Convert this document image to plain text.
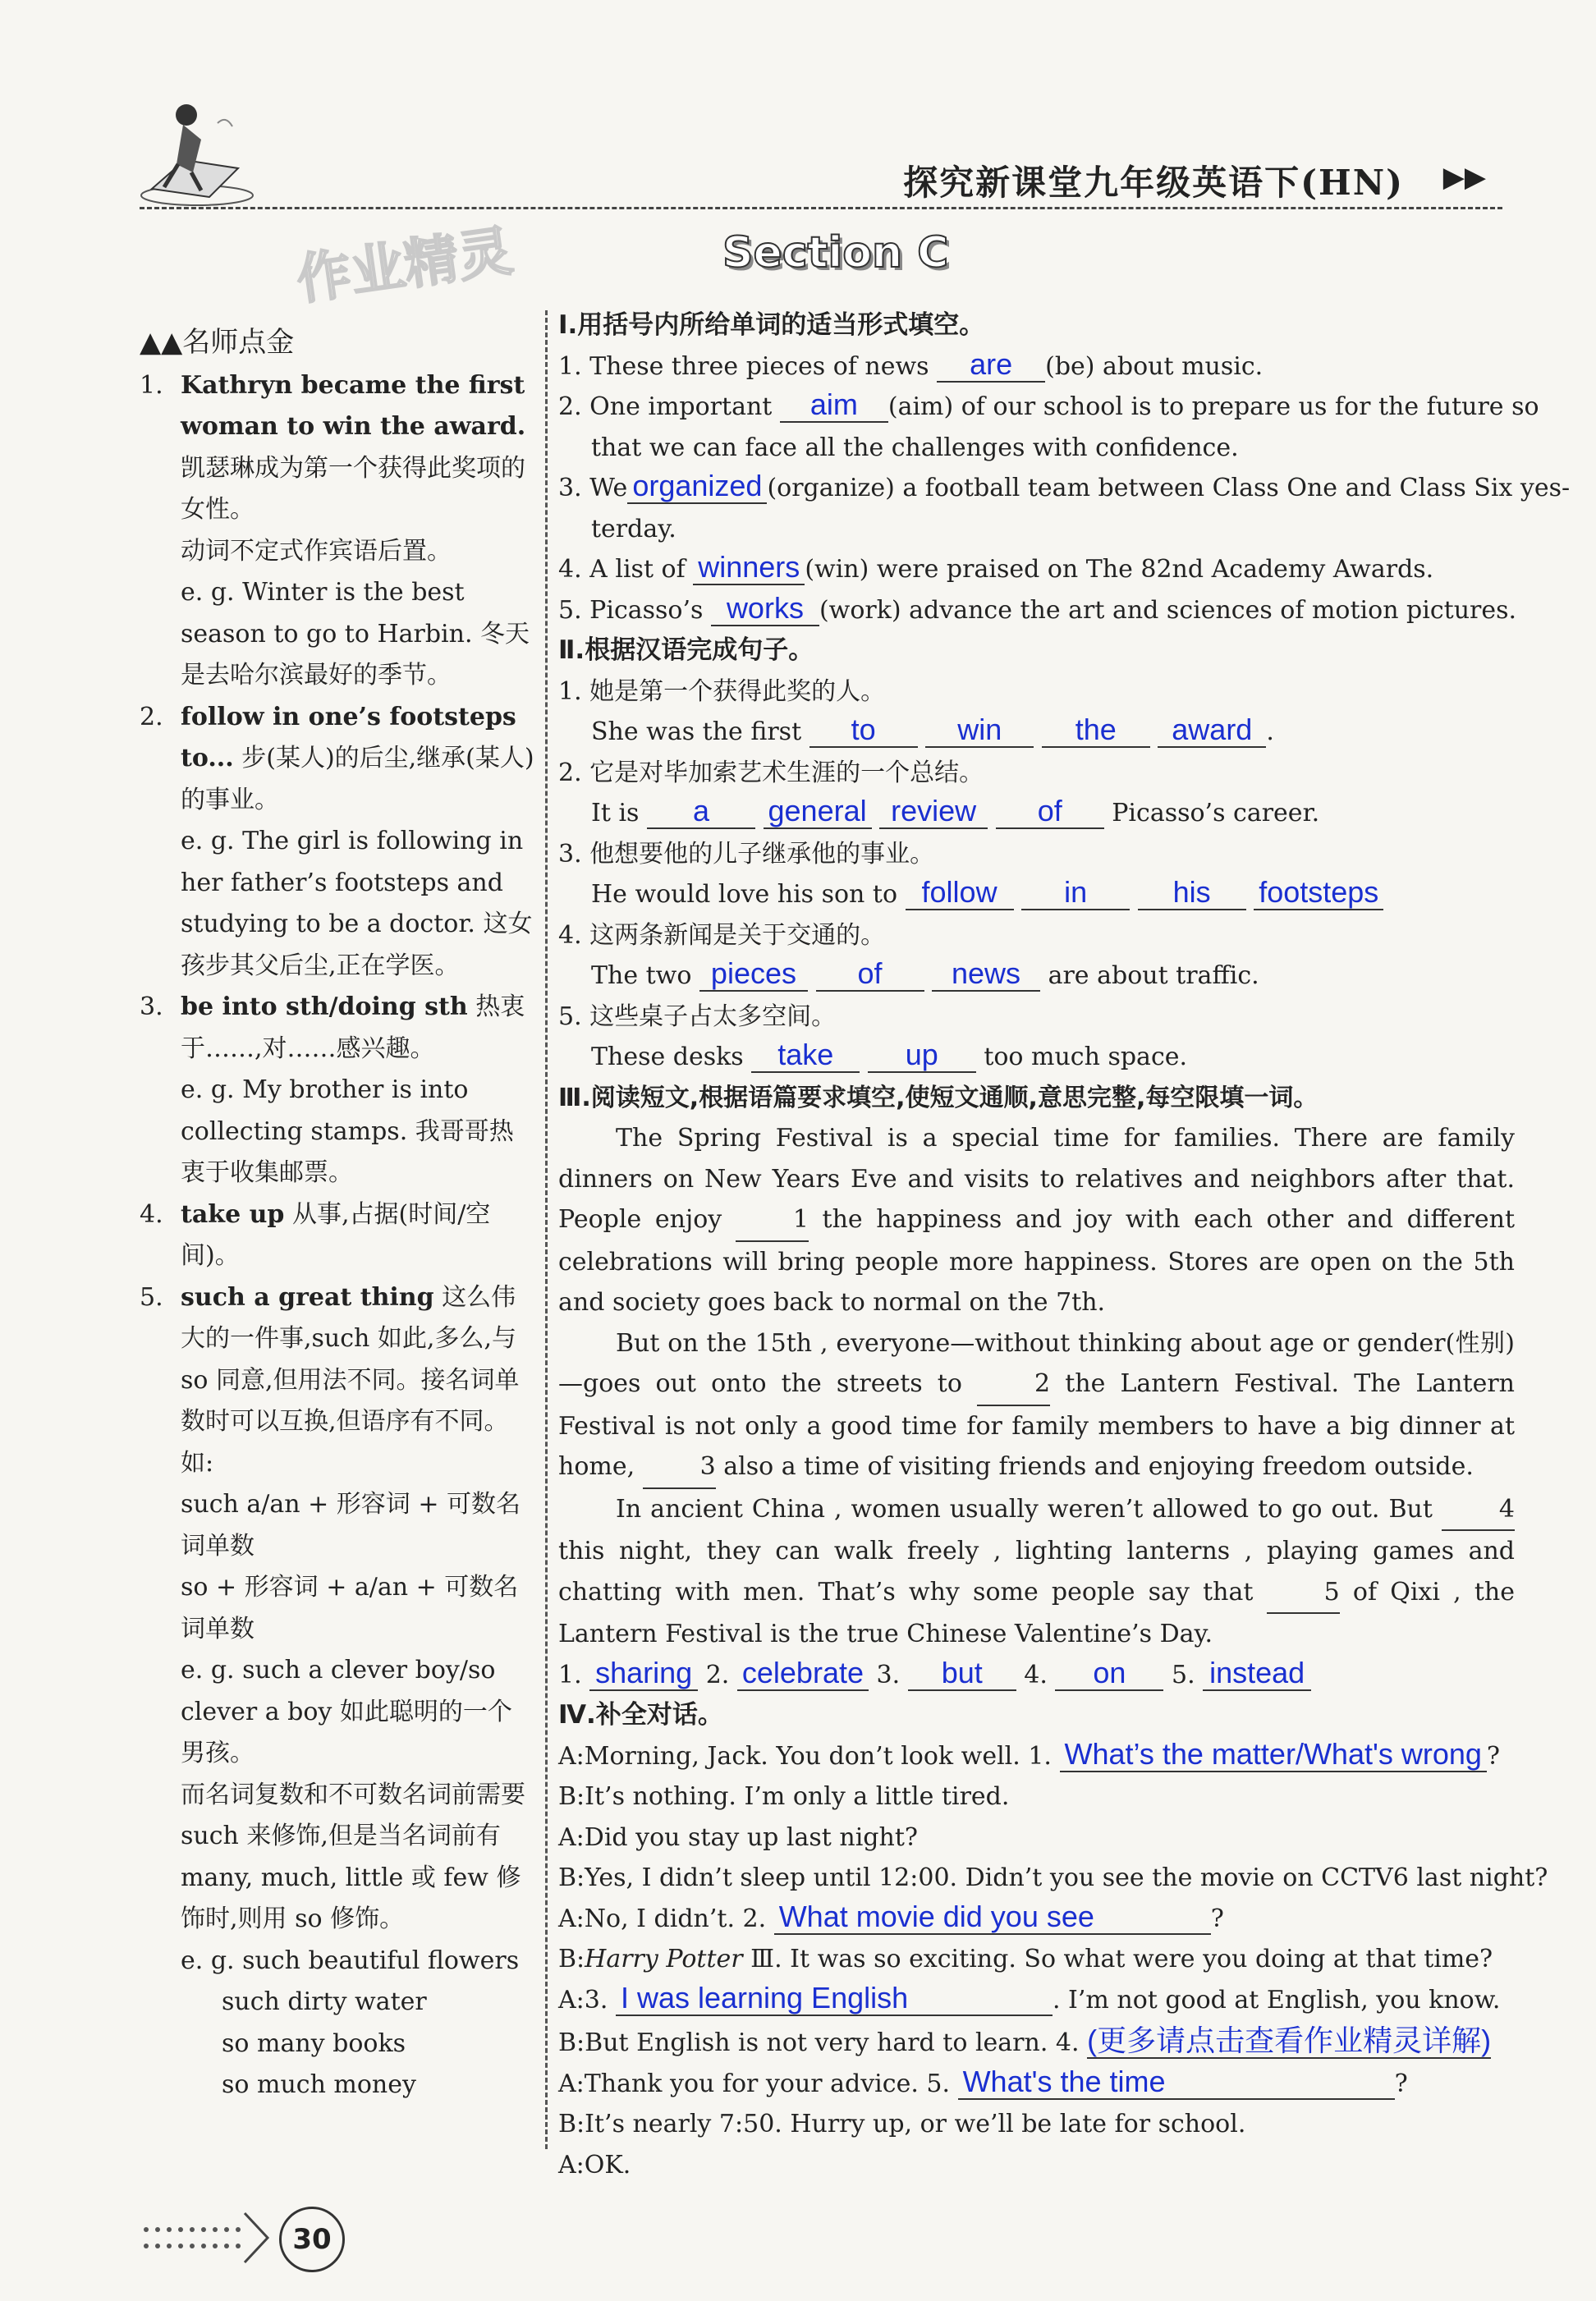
探究新课堂九年级英语下(HN) ▶▶
作业精灵	Section C
▲▲名师点金
1. Kathryn became the first woman to win the award. 凯瑟琳成为第一个获得此奖项的女性。
动词不定式作宾语后置。
e. g. Winter is the best season to go to Harbin. 冬天是去哈尔滨最好的季节。
2. follow in one’s footsteps to... 步(某人)的后尘,继承(某人)的事业。
e. g. The girl is following in her father’s footsteps and studying to be a doctor. 这女孩步其父后尘,正在学医。
3. be into sth/doing sth 热衷于……,对……感兴趣。
e. g. My brother is into collecting stamps. 我哥哥热衷于收集邮票。
4. take up 从事,占据(时间/空间)。
5. such a great thing 这么伟大的一件事,such 如此,多么,与 so 同意,但用法不同。接名词单数时可以互换,但语序有不同。如:
such a/an + 形容词 + 可数名词单数
so + 形容词 + a/an + 可数名词单数
e. g. such a clever boy/so clever a boy 如此聪明的一个男孩。
而名词复数和不可数名词前需要 such 来修饰,但是当名词前有 many, much, little 或 few 修饰时,则用 so 修饰。
e. g. such beautiful flowers
such dirty water
so many books
so much money
Ⅰ.用括号内所给单词的适当形式填空。
1. These three pieces of news are (be) about music.
2. One important aim (aim) of our school is to prepare us for the future so
that we can face all the challenges with confidence.
3. We organized (organize) a football team between Class One and Class Six yes-
terday.
4. A list of winners (win) were praised on The 82nd Academy Awards.
5. Picasso’s works (work) advance the art and sciences of motion pictures.
Ⅱ.根据汉语完成句子。
1. 她是第一个获得此奖的人。
She was the first to	win the award .
2. 它是对毕加索艺术生涯的一个总结。
It is a general review of Picasso’s career.
3. 他想要他的儿子继承他的事业。
He would love his son to follow in	his footsteps
4. 这两条新闻是关于交通的。
The two pieces of news are about traffic.
5. 这些桌子占太多空间。
These desks take up too much space.
Ⅲ.阅读短文,根据语篇要求填空,使短文通顺,意思完整,每空限填一词。
The Spring Festival is a special time for families. There are family dinners on New Years Eve and visits to relatives and neighbors after that. People enjoy 1 the happiness and joy with each other and different celebrations will bring people more happiness. Stores are open on the 5th and society goes back to normal on the 7th.
But on the 15th , everyone—without thinking about age or gender(性别)—goes out onto the streets to 2 the Lantern Festival. The Lantern Festival is not only a good time for family members to have a big dinner at home, 3 also a time of visiting friends and enjoying freedom outside.
In ancient China , women usually weren’t allowed to go out. But 4 this night, they can walk freely , lighting lanterns , playing games and chatting with men. That’s why some people say that 5 of Qixi , the Lantern Festival is the true Chinese Valentine’s Day.
1. sharing 2. celebrate 3. but 4. on 5. instead
Ⅳ.补全对话。
A:Morning, Jack. You don’t look well. 1. What’s the matter/What's wrong ?
B:It’s nothing. I’m only a little tired.
A:Did you stay up last night?
B:Yes, I didn’t sleep until 12:00. Didn’t you see the movie on CCTV6 last night?
A:No, I didn’t. 2. What movie did you see	?
B:Harry Potter Ⅲ. It was so exciting. So what were you doing at that time?
A:3. I was learning English	. I’m not good at English, you know.
B:But English is not very hard to learn. 4. (更多请点击查看作业精灵详解)
A:Thank you for your advice. 5. What's the time	?
B:It’s nearly 7:50. Hurry up, or we’ll be late for school.
A:OK.
30
